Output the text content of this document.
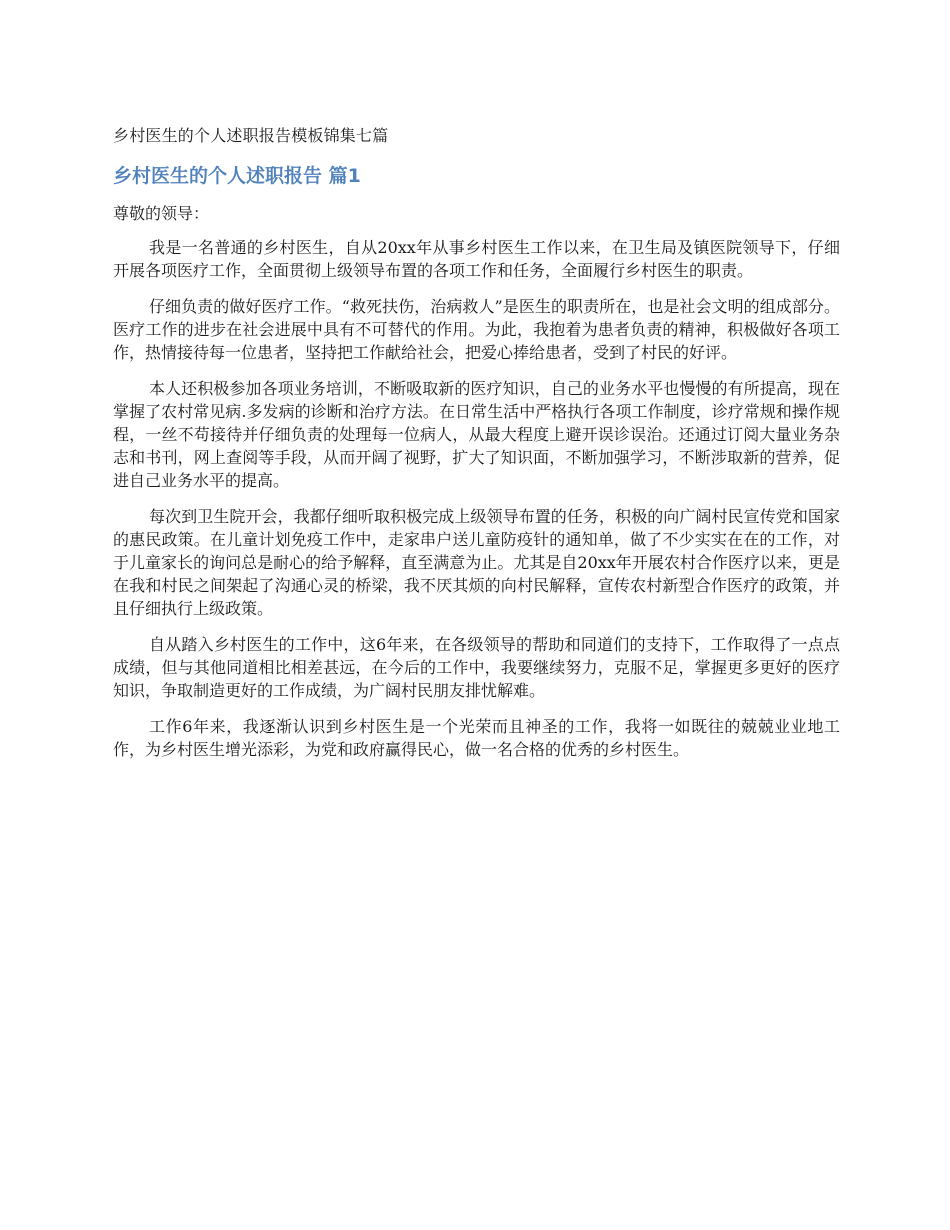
乡村医生的个人述职报告模板锦集七篇
乡村医生的个人述职报告 篇1
尊敬的领导：

我是一名普通的乡村医生，自从20xx年从事乡村医生工作以来，在卫生局及镇医院领导下，仔细开展各项医疗工作，全面贯彻上级领导布置的各项工作和任务，全面履行乡村医生的职责。

仔细负责的做好医疗工作。“救死扶伤，治病救人”是医生的职责所在，也是社会文明的组成部分。医疗工作的进步在社会进展中具有不可替代的作用。为此，我抱着为患者负责的精神，积极做好各项工作，热情接待每一位患者，坚持把工作献给社会，把爱心捧给患者，受到了村民的好评。

本人还积极参加各项业务培训，不断吸取新的医疗知识，自己的业务水平也慢慢的有所提高，现在掌握了农村常见病.多发病的诊断和治疗方法。在日常生活中严格执行各项工作制度，诊疗常规和操作规程，一丝不苟接待并仔细负责的处理每一位病人，从最大程度上避开误诊误治。还通过订阅大量业务杂志和书刊，网上查阅等手段，从而开阔了视野，扩大了知识面，不断加强学习，不断涉取新的营养，促进自己业务水平的提高。

每次到卫生院开会，我都仔细听取积极完成上级领导布置的任务，积极的向广阔村民宣传党和国家的惠民政策。在儿童计划免疫工作中，走家串户送儿童防疫针的通知单，做了不少实实在在的工作，对于儿童家长的询问总是耐心的给予解释，直至满意为止。尤其是自20xx年开展农村合作医疗以来，更是在我和村民之间架起了沟通心灵的桥梁，我不厌其烦的向村民解释，宣传农村新型合作医疗的政策，并且仔细执行上级政策。

自从踏入乡村医生的工作中，这6年来，在各级领导的帮助和同道们的支持下，工作取得了一点点成绩，但与其他同道相比相差甚远，在今后的工作中，我要继续努力，克服不足，掌握更多更好的医疗知识，争取制造更好的工作成绩，为广阔村民朋友排忧解难。

工作6年来，我逐渐认识到乡村医生是一个光荣而且神圣的工作，我将一如既往的兢兢业业地工作，为乡村医生增光添彩，为党和政府赢得民心，做一名合格的优秀的乡村医生。
